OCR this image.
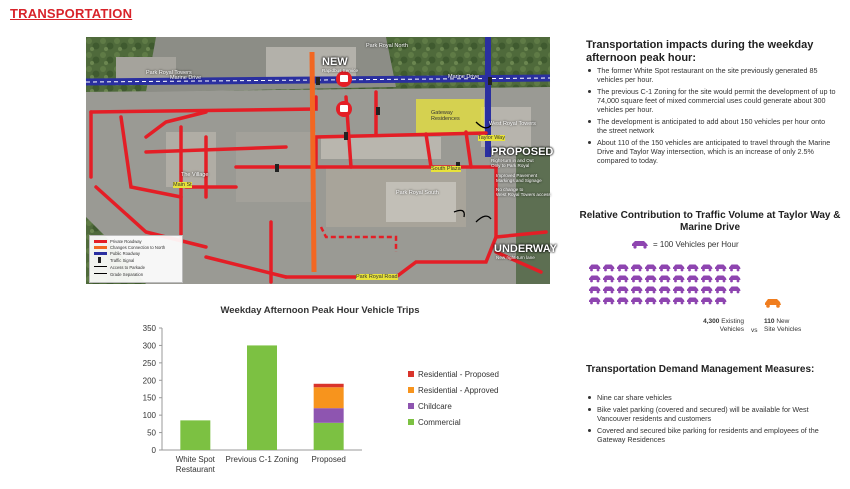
TRANSPORTATION
Park Royal North
Park Royal Towers
Marine Drive	Marine Drive
West Royal Towers
Gateway
Residences
The Village
Park Royal South
Main St
South Plaza
Park Royal Road
Taylor Way
NEW
Rapidbus Service
PROPOSED
Right-turn in and Out
Only to Park Royal
Improved Pavement
Markings and Signage
No change to
West Royal Towers access
UNDERWAY
New right-turn lane
Private Roadway
Changes Connection to North
Public Roadway
Traffic Signal
Access to Parkade
Grade Separation
Transportation impacts during the weekday afternoon peak hour:
The former White Spot restaurant on the site previously generated 85 vehicles per hour.
The previous C-1 Zoning for the site would permit the development of up to 74,000 square feet of mixed commercial uses could generate about 300 vehicles per hour.
The development is anticipated to add about 150 vehicles per hour onto the street network
About 110 of the 150 vehicles are anticipated to travel through the Marine Drive and Taylor Way intersection, which is an increase of only 2.5% compared to today.
Relative Contribution to Traffic Volume at Taylor Way & Marine Drive
= 100 Vehicles per Hour
4,300 Existing
Vehicles vs
110 New
Site Vehicles
Transportation Demand Management Measures:
Nine car share vehicles
Bike valet parking (covered and secured) will be available for West Vancouver residents and customers
Covered and secured bike parking for residents and employees of the Gateway Residences
Weekday Afternoon Peak Hour Vehicle Trips
0
50
100
150
200
250
300
350
White Spot
Restaurant
Previous C-1 Zoning Proposed
Residential - Proposed
Residential - Approved
Childcare
Commercial
